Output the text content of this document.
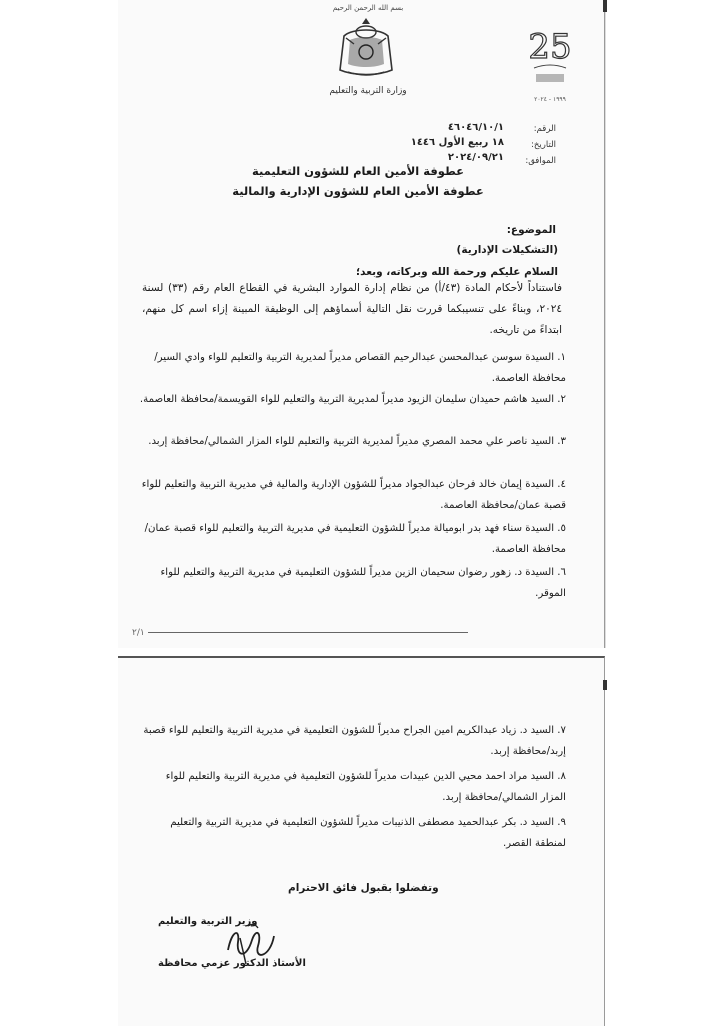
بسم الله الرحمن الرحيم
وزارة التربية والتعليم
25
١٩٩٩ - ٢٠٢٤
الرقم:
٤٦٠٤٦/١٠/١
التاريخ:
١٨ ربيع الأول ١٤٤٦
الموافق:
٢٠٢٤/٠٩/٢١
عطوفة الأمين العام للشؤون التعليمية
عطوفة الأمين العام للشؤون الإدارية والمالية
الموضوع:
(التشكيلات الإدارية)
السلام عليكم ورحمة الله وبركاته، وبعد؛
فاستناداً لأحكام المادة (٤٣/أ) من نظام إدارة الموارد البشرية في القطاع العام رقم (٣٣) لسنة ٢٠٢٤، وبناءً على تنسيبكما قررت نقل التالية أسماؤهم إلى الوظيفة المبينة إزاء اسم كل منهم، ابتداءً من تاريخه.
١. السيدة سوسن عبدالمحسن عبدالرحيم القصاص مديراً لمديرية التربية والتعليم للواء وادي السير/محافظة العاصمة.
٢. السيد هاشم حميدان سليمان الزيود مديراً لمديرية التربية والتعليم للواء القويسمة/محافظة العاصمة.
٣. السيد ناصر علي محمد المصري مديراً لمديرية التربية والتعليم للواء المزار الشمالي/محافظة إربد.
٤. السيدة إيمان خالد فرحان عبدالجواد مديراً للشؤون الإدارية والمالية في مديرية التربية والتعليم للواء قصبة عمان/محافظة العاصمة.
٥. السيدة سناء فهد بدر ابوميالة مديراً للشؤون التعليمية في مديرية التربية والتعليم للواء قصبة عمان/محافظة العاصمة.
٦. السيدة د. زهور رضوان سحيمان الزين مديراً للشؤون التعليمية في مديرية التربية والتعليم للواء الموقر.
٢/١
٧. السيد د. زياد عبدالكريم امين الجراح مديراً للشؤون التعليمية في مديرية التربية والتعليم للواء قصبة إربد/محافظة إربد.
٨. السيد مراد احمد محيي الدين عبيدات مديراً للشؤون التعليمية في مديرية التربية والتعليم للواء المزار الشمالي/محافظة إربد.
٩. السيد د. بكر عبدالحميد مصطفى الذنيبات مديراً للشؤون التعليمية في مديرية التربية والتعليم لمنطقة القصر.
وتفضلوا بقبول فائق الاحترام
وزير التربية والتعليم
الأستاذ الدكتور عزمي محافظة
